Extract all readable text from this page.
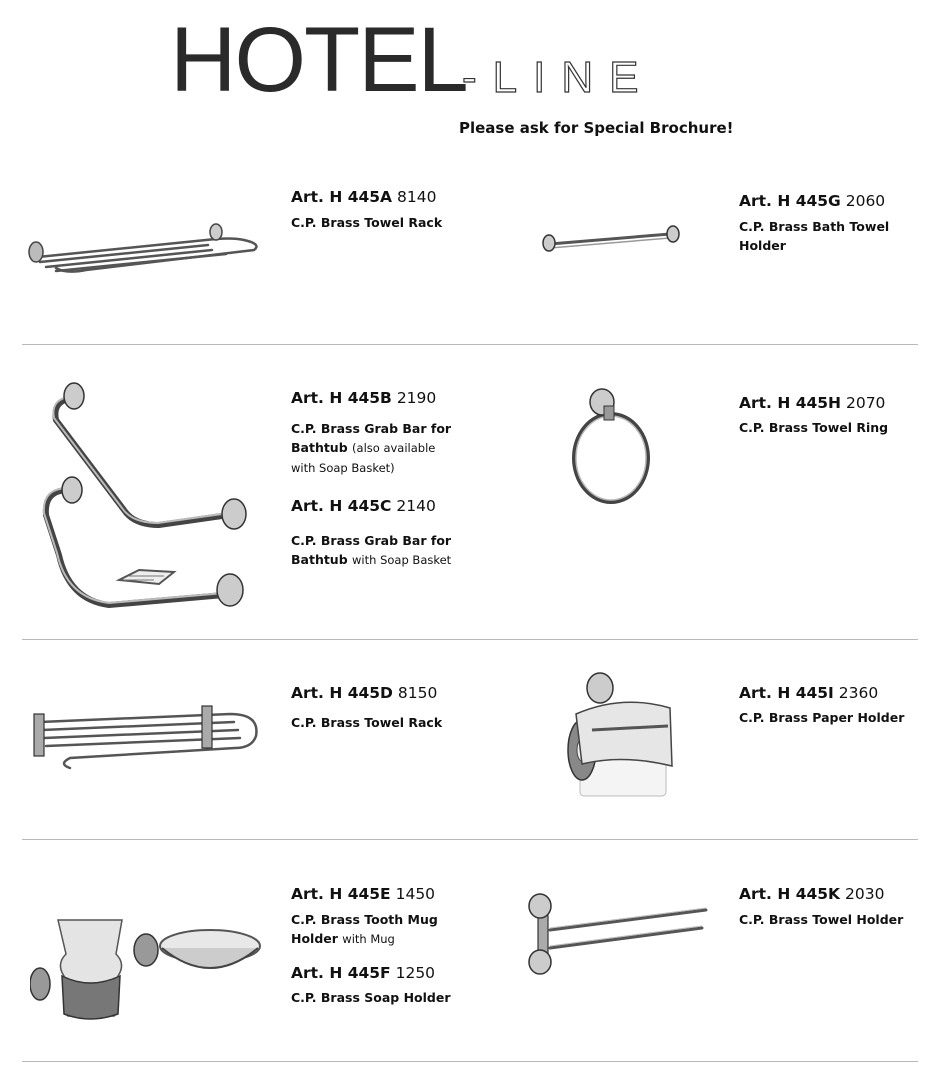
HOTEL
-LINE
Please ask for Special Brochure!
Art. H 445A 8140
C.P. Brass Towel Rack
Art. H 445G 2060
C.P. Brass Bath Towel Holder
Art. H 445B 2190
C.P. Brass Grab Bar for Bathtub (also available with Soap Basket)
Art. H 445C 2140
C.P. Brass Grab Bar for Bathtub with Soap Basket
Art. H 445H 2070
C.P. Brass Towel Ring
Art. H 445D 8150
C.P. Brass Towel Rack
Art. H 445I 2360
C.P. Brass Paper Holder
Art. H 445E 1450
C.P. Brass Tooth Mug Holder with Mug
Art. H 445F 1250
C.P. Brass Soap Holder
Art. H 445K 2030
C.P. Brass Towel Holder
